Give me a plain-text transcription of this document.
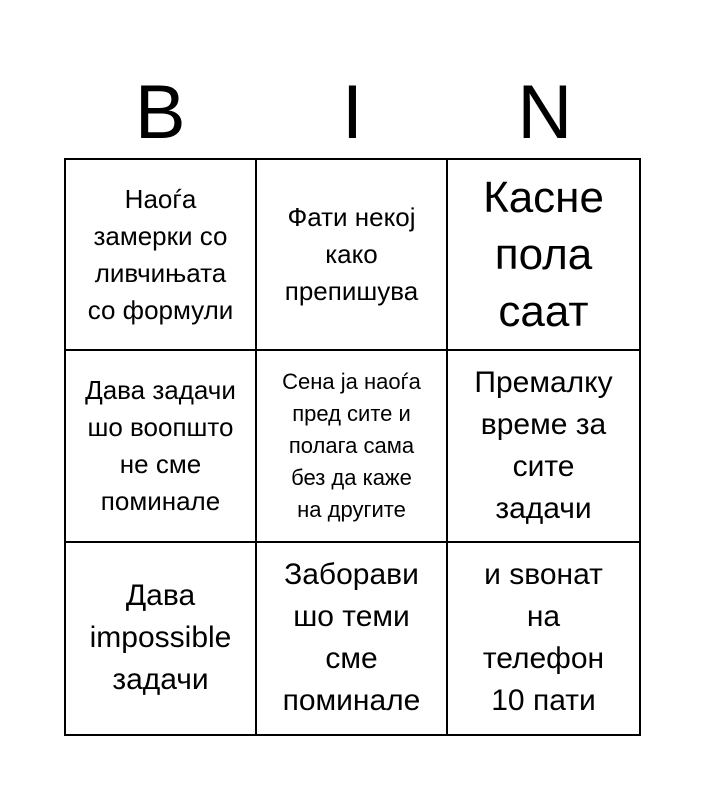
B	I	N
Наоѓа
замерки со
ливчињата
со формули
Фати некој
како
препишува
Касне
пола
саат
Дава задачи
шо воопшто
не сме
поминале
Сена ја наоѓа
пред сите и
полага сама
без да каже
на другите
Премалку
време за
сите
задачи
Дава
impossible
задачи
Заборави
шо теми
сме
поминале
и ѕвонат
на
телефон
10 пати
